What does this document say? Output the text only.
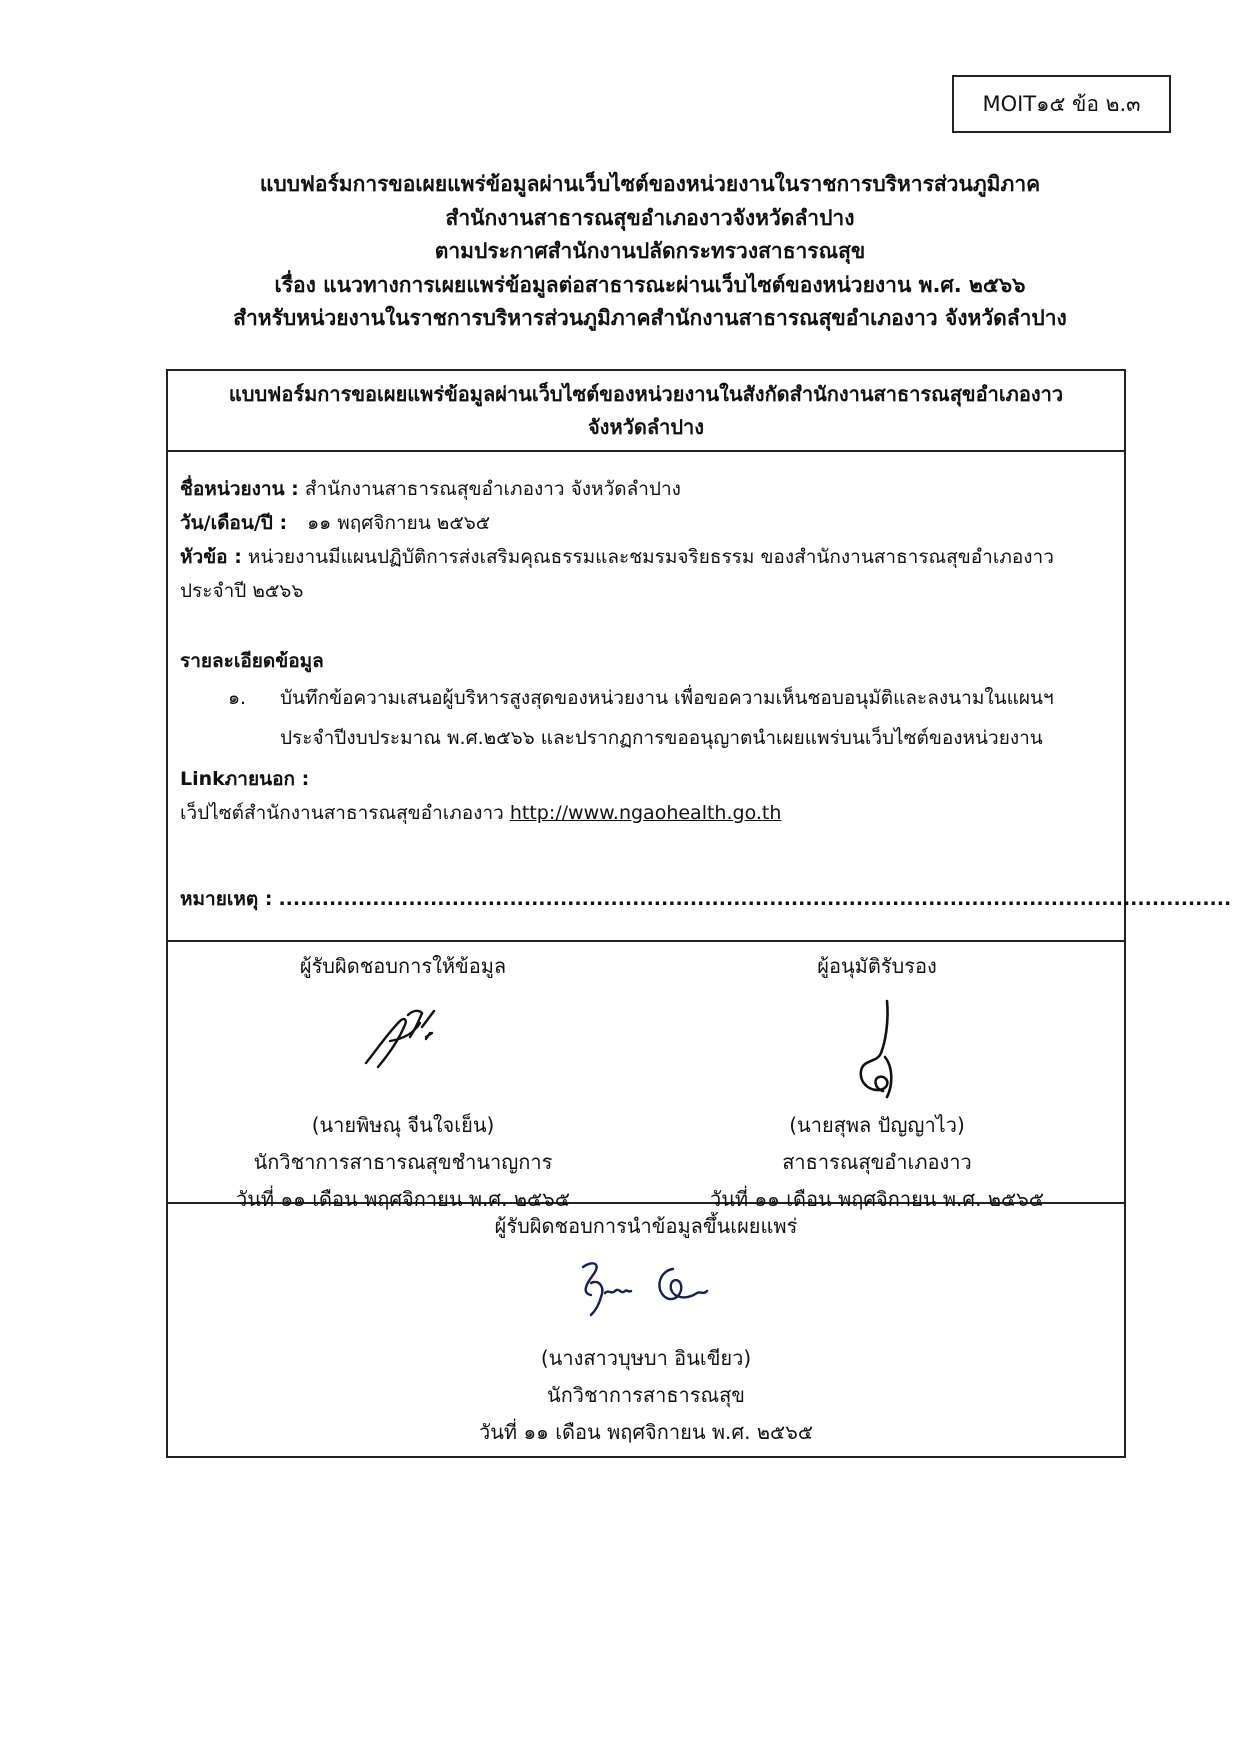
MOIT๑๕ ข้อ ๒.๓
แบบฟอร์มการขอเผยแพร่ข้อมูลผ่านเว็บไซต์ของหน่วยงานในราชการบริหารส่วนภูมิภาค
สำนักงานสาธารณสุขอำเภองาวจังหวัดลำปาง
ตามประกาศสำนักงานปลัดกระทรวงสาธารณสุข
เรื่อง แนวทางการเผยแพร่ข้อมูลต่อสาธารณะผ่านเว็บไซต์ของหน่วยงาน พ.ศ. ๒๕๖๖
สำหรับหน่วยงานในราชการบริหารส่วนภูมิภาคสำนักงานสาธารณสุขอำเภองาว จังหวัดลำปาง
แบบฟอร์มการขอเผยแพร่ข้อมูลผ่านเว็บไซต์ของหน่วยงานในสังกัดสำนักงานสาธารณสุขอำเภองาว
จังหวัดลำปาง
ชื่อหน่วยงาน : สำนักงานสาธารณสุขอำเภองาว จังหวัดลำปาง
วัน/เดือน/ปี : ๑๑ พฤศจิกายน ๒๕๖๕
หัวข้อ : หน่วยงานมีแผนปฏิบัติการส่งเสริมคุณธรรมและชมรมจริยธรรม ของสำนักงานสาธารณสุขอำเภองาว
ประจำปี ๒๕๖๖
รายละเอียดข้อมูล
๑. บันทึกข้อความเสนอผู้บริหารสูงสุดของหน่วยงาน เพื่อขอความเห็นชอบอนุมัติและลงนามในแผนฯ
ประจำปีงบประมาณ พ.ศ.๒๕๖๖ และปรากฏการขออนุญาตนำเผยแพร่บนเว็บไซต์ของหน่วยงาน
Linkภายนอก :
เว็ปไซต์สำนักงานสาธารณสุขอำเภองาว http://www.ngaohealth.go.th
หมายเหตุ : ....................................................................................................................................
ผู้รับผิดชอบการให้ข้อมูล
(นายพิษณุ จีนใจเย็น)
นักวิชาการสาธารณสุขชำนาญการ
วันที่ ๑๑ เดือน พฤศจิกายน พ.ศ. ๒๕๖๕
ผู้อนุมัติรับรอง
(นายสุพล ปัญญาไว)
สาธารณสุขอำเภองาว
วันที่ ๑๑ เดือน พฤศจิกายน พ.ศ. ๒๕๖๕
ผู้รับผิดชอบการนำข้อมูลขึ้นเผยแพร่
(นางสาวบุษบา อินเขียว)
นักวิชาการสาธารณสุข
วันที่ ๑๑ เดือน พฤศจิกายน พ.ศ. ๒๕๖๕
